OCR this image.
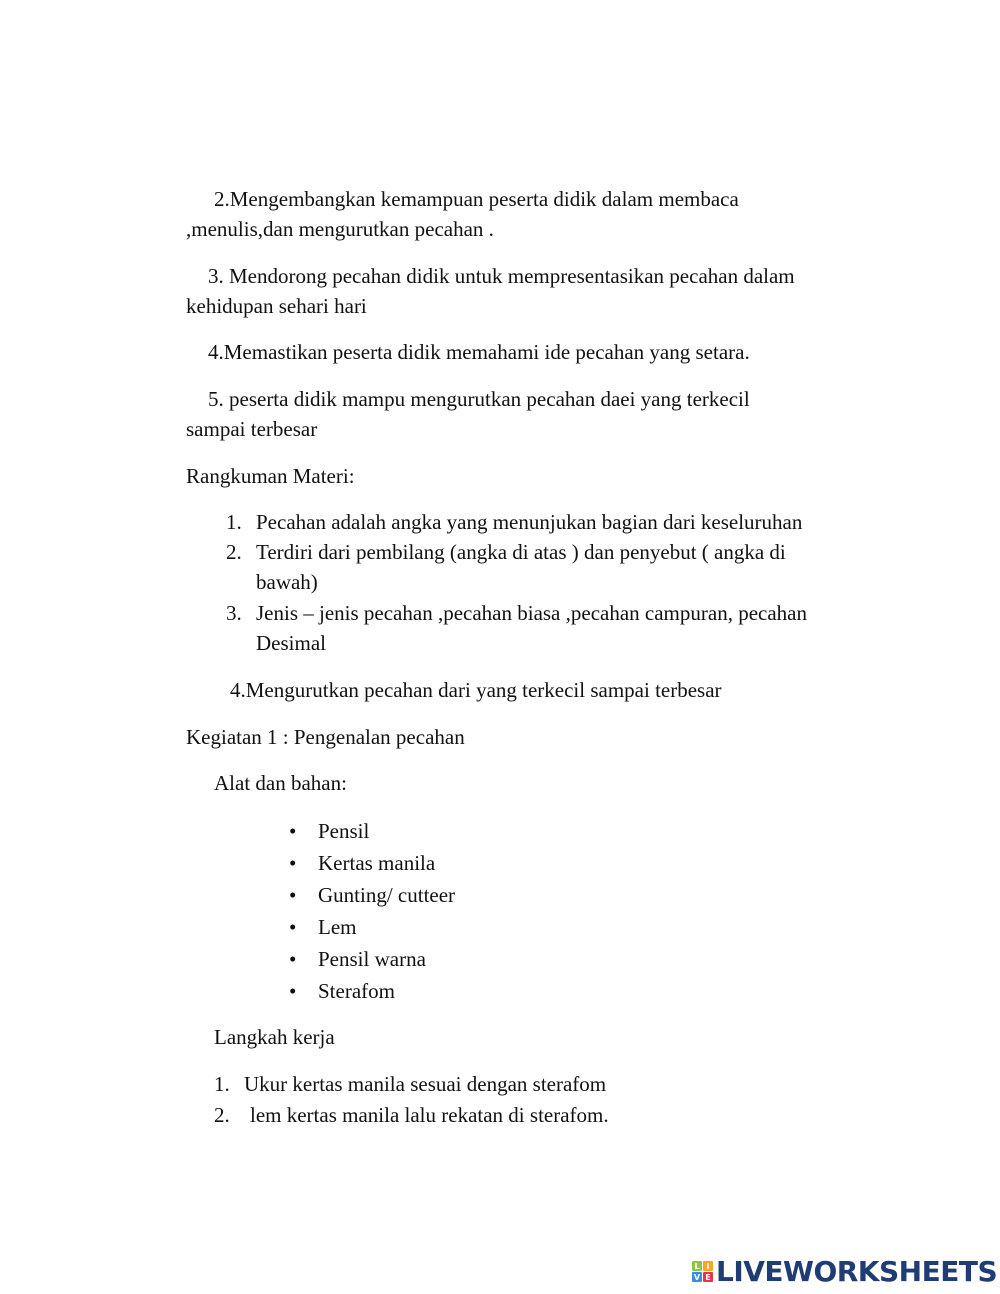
2.Mengembangkan kemampuan peserta didik dalam membaca
,menulis,dan mengurutkan pecahan .
3. Mendorong pecahan didik untuk mempresentasikan pecahan dalam
kehidupan sehari hari
4.Memastikan peserta didik memahami ide pecahan yang setara.
5. peserta didik mampu mengurutkan pecahan daei yang terkecil
sampai terbesar
Rangkuman Materi:
1. Pecahan adalah angka yang menunjukan bagian dari keseluruhan
2. Terdiri dari pembilang (angka di atas ) dan penyebut ( angka di
bawah)
3. Jenis – jenis pecahan ,pecahan biasa ,pecahan campuran, pecahan
Desimal
4.Mengurutkan pecahan dari yang terkecil sampai terbesar
Kegiatan 1 : Pengenalan pecahan
Alat dan bahan:
• Pensil
• Kertas manila
• Gunting/ cutteer
• Lem
• Pensil warna
• Sterafom
Langkah kerja
1. Ukur kertas manila sesuai dengan sterafom
2. lem kertas manila lalu rekatan di sterafom.
L I
V E LIVEWORKSHEETS
